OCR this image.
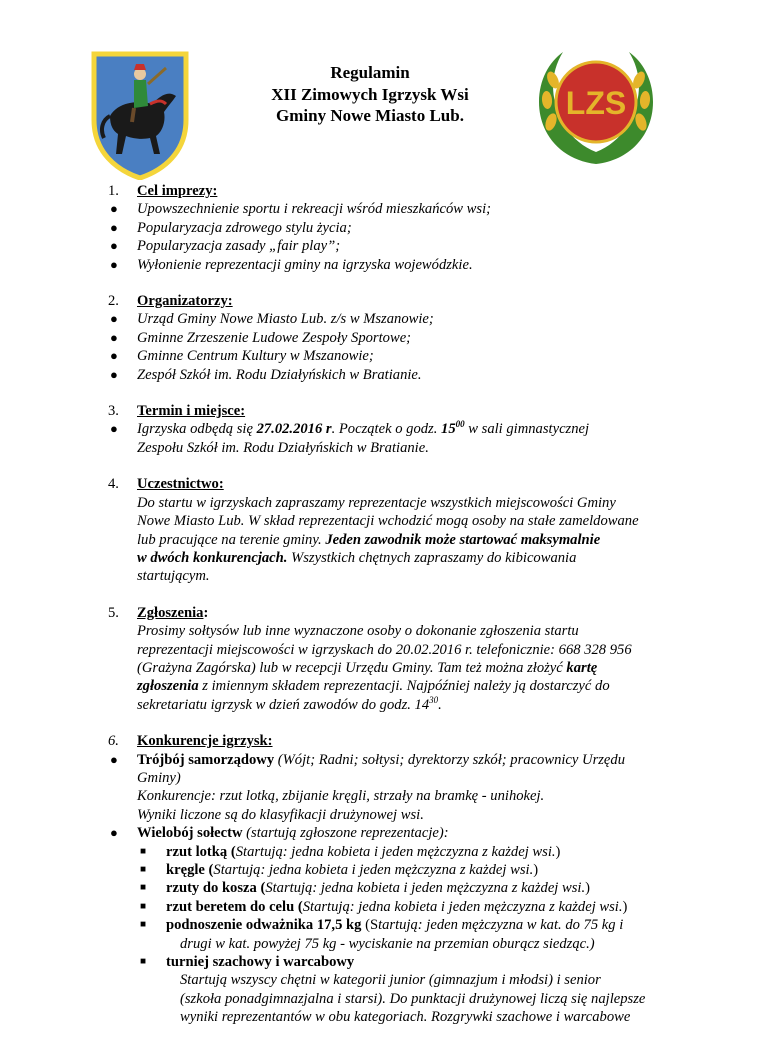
LZS
Regulamin
XII Zimowych Igrzysk Wsi
Gminy Nowe Miasto Lub.
1. Cel imprezy:
● Upowszechnienie sportu i rekreacji wśród mieszkańców wsi;
● Popularyzacja zdrowego stylu życia;
● Popularyzacja zasady „fair play”;
● Wyłonienie reprezentacji gminy na igrzyska wojewódzkie.
2. Organizatorzy:
● Urząd Gminy Nowe Miasto Lub. z/s w Mszanowie;
● Gminne Zrzeszenie Ludowe Zespoły Sportowe;
● Gminne Centrum Kultury w Mszanowie;
● Zespół Szkół im. Rodu Działyńskich w Bratianie.
3. Termin i miejsce:
● Igrzyska odbędą się 27.02.2016 r. Początek o godz. $15^{00}$ w sali gimnastycznej
Zespołu Szkół im. Rodu Działyńskich w Bratianie.
4. Uczestnictwo:
Do startu w igrzyskach zapraszamy reprezentacje wszystkich miejscowości Gminy
Nowe Miasto Lub. W skład reprezentacji wchodzić mogą osoby na stałe zameldowane
lub pracujące na terenie gminy. Jeden zawodnik może startować maksymalnie
w dwóch konkurencjach. Wszystkich chętnych zapraszamy do kibicowania
startującym.
5. Zgłoszenia:
Prosimy sołtysów lub inne wyznaczone osoby o dokonanie zgłoszenia startu
reprezentacji miejscowości w igrzyskach do 20.02.2016 r. telefonicznie: 668 328 956
(Grażyna Zagórska) lub w recepcji Urzędu Gminy. Tam też można złożyć kartę
zgłoszenia z imiennym składem reprezentacji. Najpóźniej należy ją dostarczyć do
sekretariatu igrzysk w dzień zawodów do godz. $14^{30}$.
6. Konkurencje igrzysk:
● Trójbój samorządowy (Wójt; Radni; sołtysi; dyrektorzy szkół; pracownicy Urzędu
Gminy)
Konkurencje: rzut lotką, zbijanie kręgli, strzały na bramkę - unihokej.
Wyniki liczone są do klasyfikacji drużynowej wsi.
● Wielobój sołectw (startują zgłoszone reprezentacje):
■ rzut lotką (Startują: jedna kobieta i jeden mężczyzna z każdej wsi.)
■ kręgle (Startują: jedna kobieta i jeden mężczyzna z każdej wsi.)
■ rzuty do kosza (Startują: jedna kobieta i jeden mężczyzna z każdej wsi.)
■ rzut beretem do celu (Startują: jedna kobieta i jeden mężczyzna z każdej wsi.)
■ podnoszenie odważnika 17,5 kg (Startują: jeden mężczyzna w kat. do 75 kg i
drugi w kat. powyżej 75 kg - wyciskanie na przemian oburącz siedząc.)
■ turniej szachowy i warcabowy
Startują wszyscy chętni w kategorii junior (gimnazjum i młodsi) i senior
(szkoła ponadgimnazjalna i starsi). Do punktacji drużynowej liczą się najlepsze
wyniki reprezentantów w obu kategoriach. Rozgrywki szachowe i warcabowe
